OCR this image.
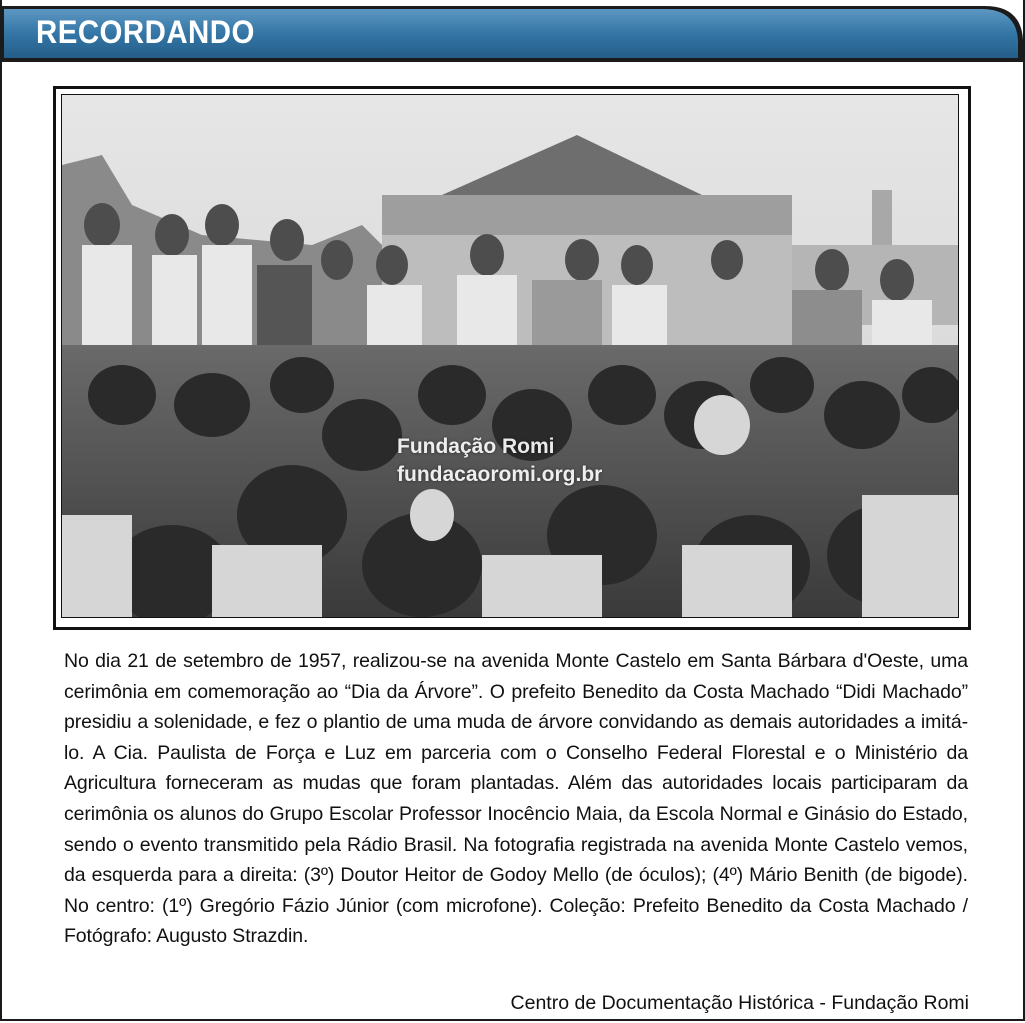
RECORDANDO
Fundação Romi
fundacaoromi.org.br

No dia 21 de setembro de 1957, realizou-se na avenida Monte Castelo em Santa Bárbara d'Oeste, uma cerimônia em comemoração ao “Dia da Árvore”. O prefeito Benedito da Costa Machado “Didi Machado” presidiu a solenidade, e fez o plantio de uma muda de árvore convidando as demais autoridades a imitá-lo. A Cia. Paulista de Força e Luz em parceria com o Conselho Federal Florestal e o Ministério da Agricultura forneceram as mudas que foram plantadas. Além das autoridades locais participaram da cerimônia os alunos do Grupo Escolar Professor Inocêncio Maia, da Escola Normal e Ginásio do Estado, sendo o evento transmitido pela Rádio Brasil. Na fotografia registrada na avenida Monte Castelo vemos, da esquerda para a direita: (3º) Doutor Heitor de Godoy Mello (de óculos); (4º) Mário Benith (de bigode). No centro: (1º) Gregório Fázio Júnior (com microfone). Coleção: Prefeito Benedito da Costa Machado / Fotógrafo: Augusto Strazdin.

Centro de Documentação Histórica - Fundação Romi
